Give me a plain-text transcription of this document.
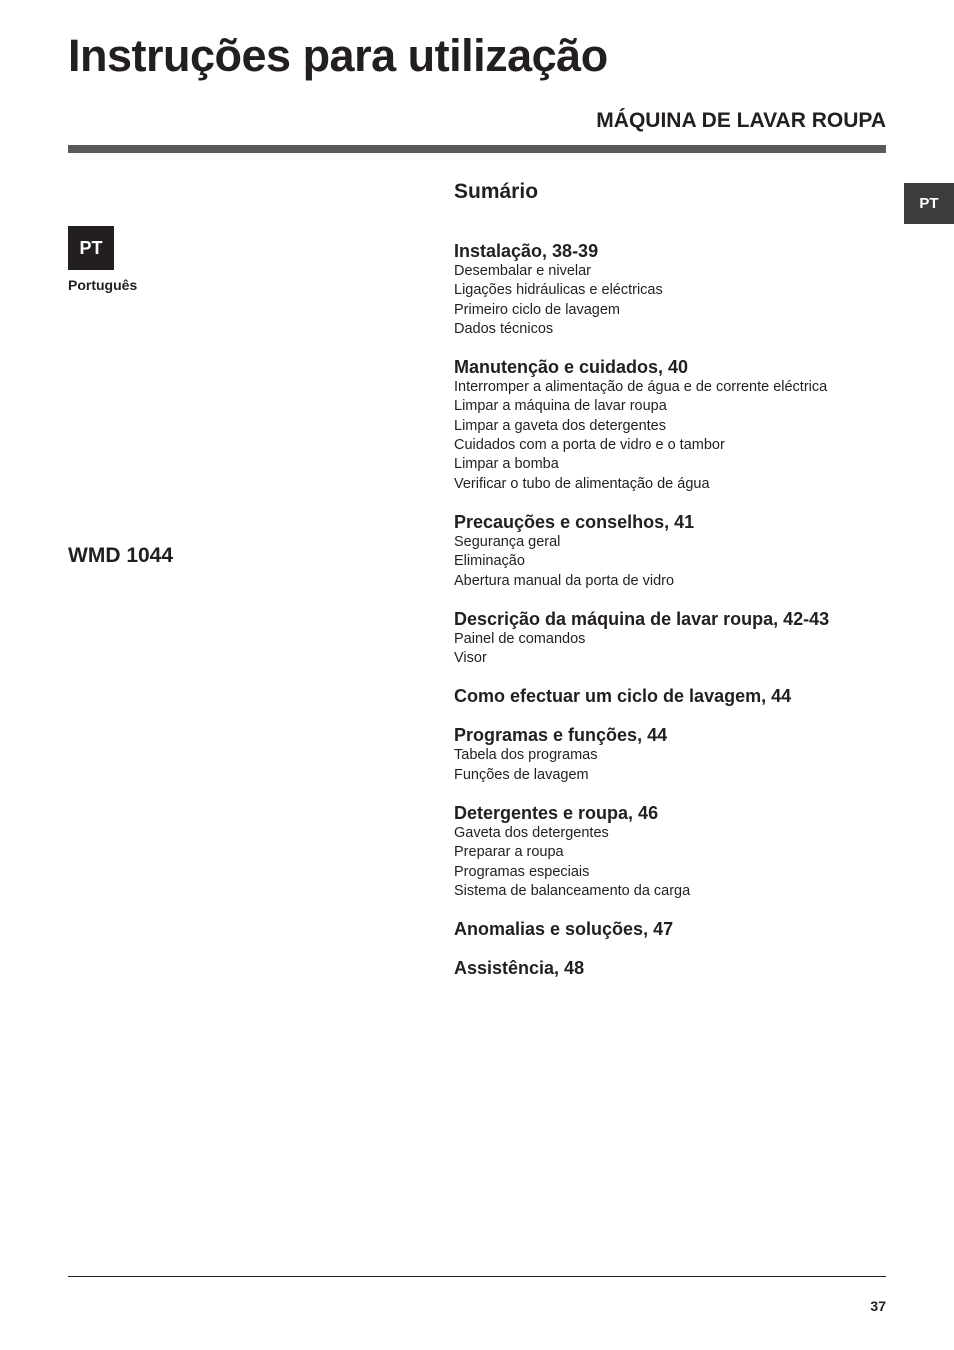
Instruções para utilização
MÁQUINA DE LAVAR ROUPA
PT
PT
Português
WMD 1044
Sumário
Instalação, 38-39
Desembalar e nivelar
Ligações hidráulicas e eléctricas
Primeiro ciclo de lavagem
Dados técnicos
Manutenção e cuidados, 40
Interromper a alimentação de água e de corrente eléctrica
Limpar a máquina de lavar roupa
Limpar a gaveta dos detergentes
Cuidados com a porta de vidro e o tambor
Limpar a bomba
Verificar o tubo de alimentação de água
Precauções e conselhos, 41
Segurança geral
Eliminação
Abertura manual da porta de vidro
Descrição da máquina de lavar roupa, 42-43
Painel de comandos
Visor
Como efectuar um ciclo de lavagem, 44
Programas e funções, 44
Tabela dos programas
Funções de lavagem
Detergentes e roupa, 46
Gaveta dos detergentes
Preparar a roupa
Programas especiais
Sistema de balanceamento da carga
Anomalias e soluções, 47
Assistência, 48
37
